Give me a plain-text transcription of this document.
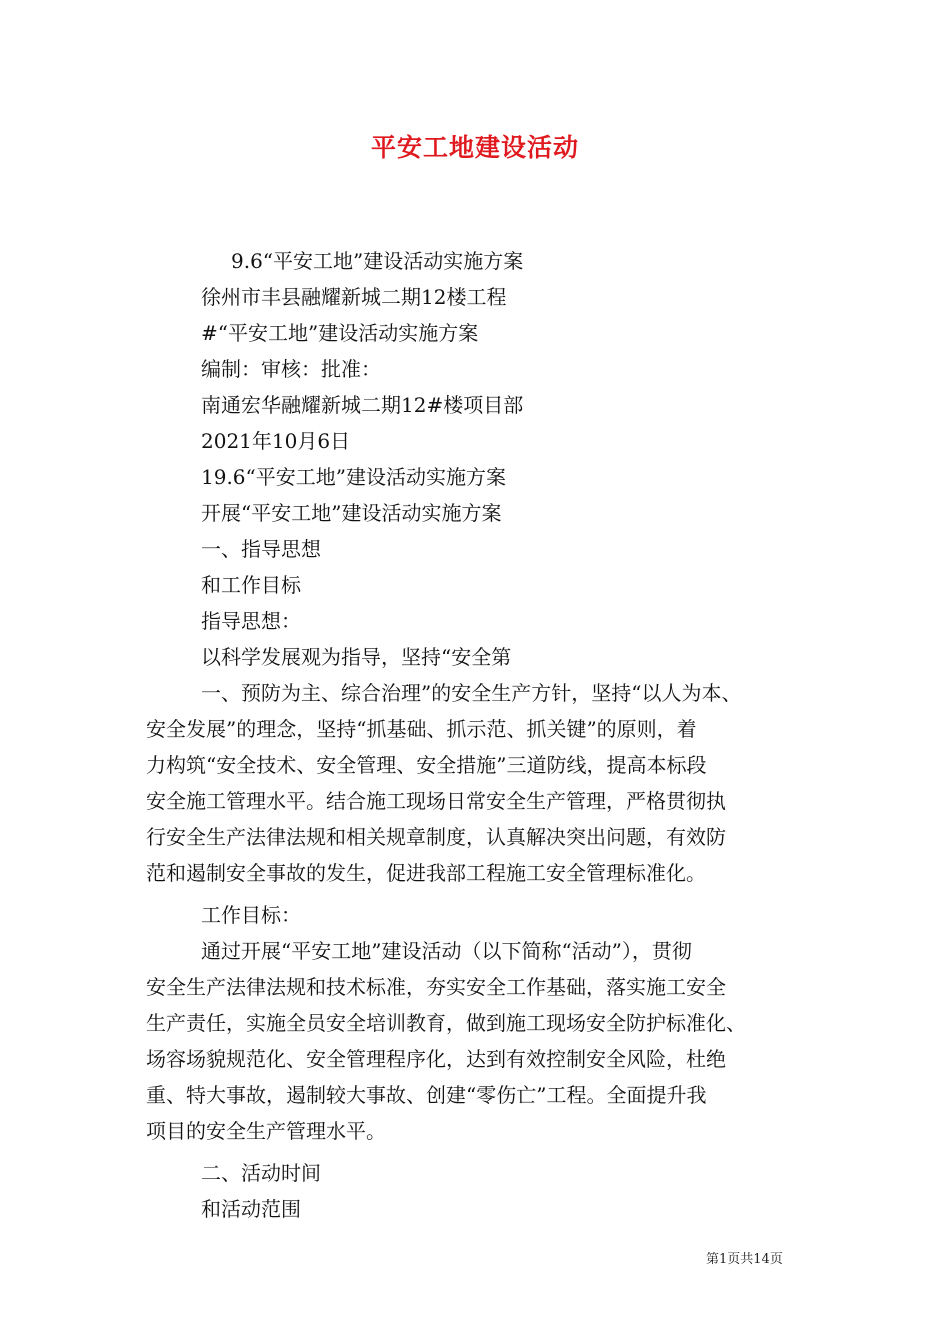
平安工地建设活动
9.6“平安工地”建设活动实施方案
徐州市丰县融耀新城二期12楼工程
#“平安工地”建设活动实施方案
编制：审核：批准：
南通宏华融耀新城二期12#楼项目部
2021年10月6日
19.6“平安工地”建设活动实施方案
开展“平安工地”建设活动实施方案
一、指导思想
和工作目标
指导思想：
以科学发展观为指导，坚持“安全第
一、预防为主、综合治理”的安全生产方针，坚持“以人为本、
安全发展”的理念，坚持“抓基础、抓示范、抓关键”的原则，着
力构筑“安全技术、安全管理、安全措施”三道防线，提高本标段
安全施工管理水平。结合施工现场日常安全生产管理，严格贯彻执
行安全生产法律法规和相关规章制度，认真解决突出问题，有效防
范和遏制安全事故的发生，促进我部工程施工安全管理标准化。
工作目标：
通过开展“平安工地”建设活动（以下简称“活动”），贯彻
安全生产法律法规和技术标准，夯实安全工作基础，落实施工安全
生产责任，实施全员安全培训教育，做到施工现场安全防护标准化、
场容场貌规范化、安全管理程序化，达到有效控制安全风险，杜绝
重、特大事故，遏制较大事故、创建“零伤亡”工程。全面提升我
项目的安全生产管理水平。
二、活动时间
和活动范围
第1页共14页
